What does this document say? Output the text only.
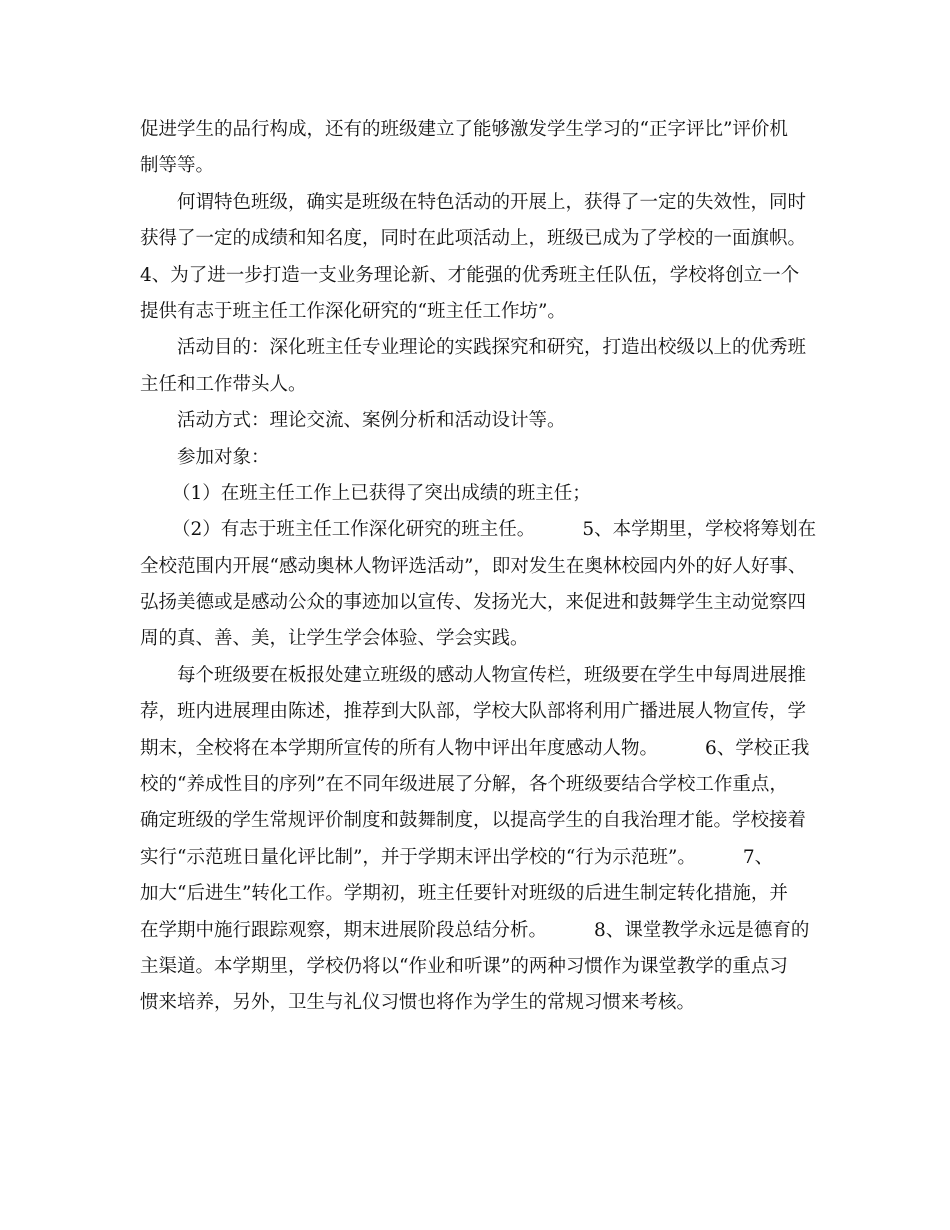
促进学生的品行构成，还有的班级建立了能够激发学生学习的“正字评比”评价机
制等等。
何谓特色班级，确实是班级在特色活动的开展上，获得了一定的失效性，同时
获得了一定的成绩和知名度，同时在此项活动上，班级已成为了学校的一面旗帜。
4、为了进一步打造一支业务理论新、才能强的优秀班主任队伍，学校将创立一个
提供有志于班主任工作深化研究的“班主任工作坊”。
活动目的：深化班主任专业理论的实践探究和研究，打造出校级以上的优秀班
主任和工作带头人。
活动方式：理论交流、案例分析和活动设计等。
参加对象：
（1）在班主任工作上已获得了突出成绩的班主任；
（2）有志于班主任工作深化研究的班主任。        5、本学期里，学校将筹划在
全校范围内开展“感动奥林人物评选活动”，即对发生在奥林校园内外的好人好事、
弘扬美德或是感动公众的事迹加以宣传、发扬光大，来促进和鼓舞学生主动觉察四
周的真、善、美，让学生学会体验、学会实践。
每个班级要在板报处建立班级的感动人物宣传栏，班级要在学生中每周进展推
荐，班内进展理由陈述，推荐到大队部，学校大队部将利用广播进展人物宣传，学
期末，全校将在本学期所宣传的所有人物中评出年度感动人物。        6、学校正我
校的“养成性目的序列”在不同年级进展了分解，各个班级要结合学校工作重点，
确定班级的学生常规评价制度和鼓舞制度，以提高学生的自我治理才能。学校接着
实行“示范班日量化评比制”，并于学期末评出学校的“行为示范班”。        7、
加大“后进生”转化工作。学期初，班主任要针对班级的后进生制定转化措施，并
在学期中施行跟踪观察，期末进展阶段总结分析。        8、课堂教学永远是德育的
主渠道。本学期里，学校仍将以“作业和听课”的两种习惯作为课堂教学的重点习
惯来培养，另外，卫生与礼仪习惯也将作为学生的常规习惯来考核。
